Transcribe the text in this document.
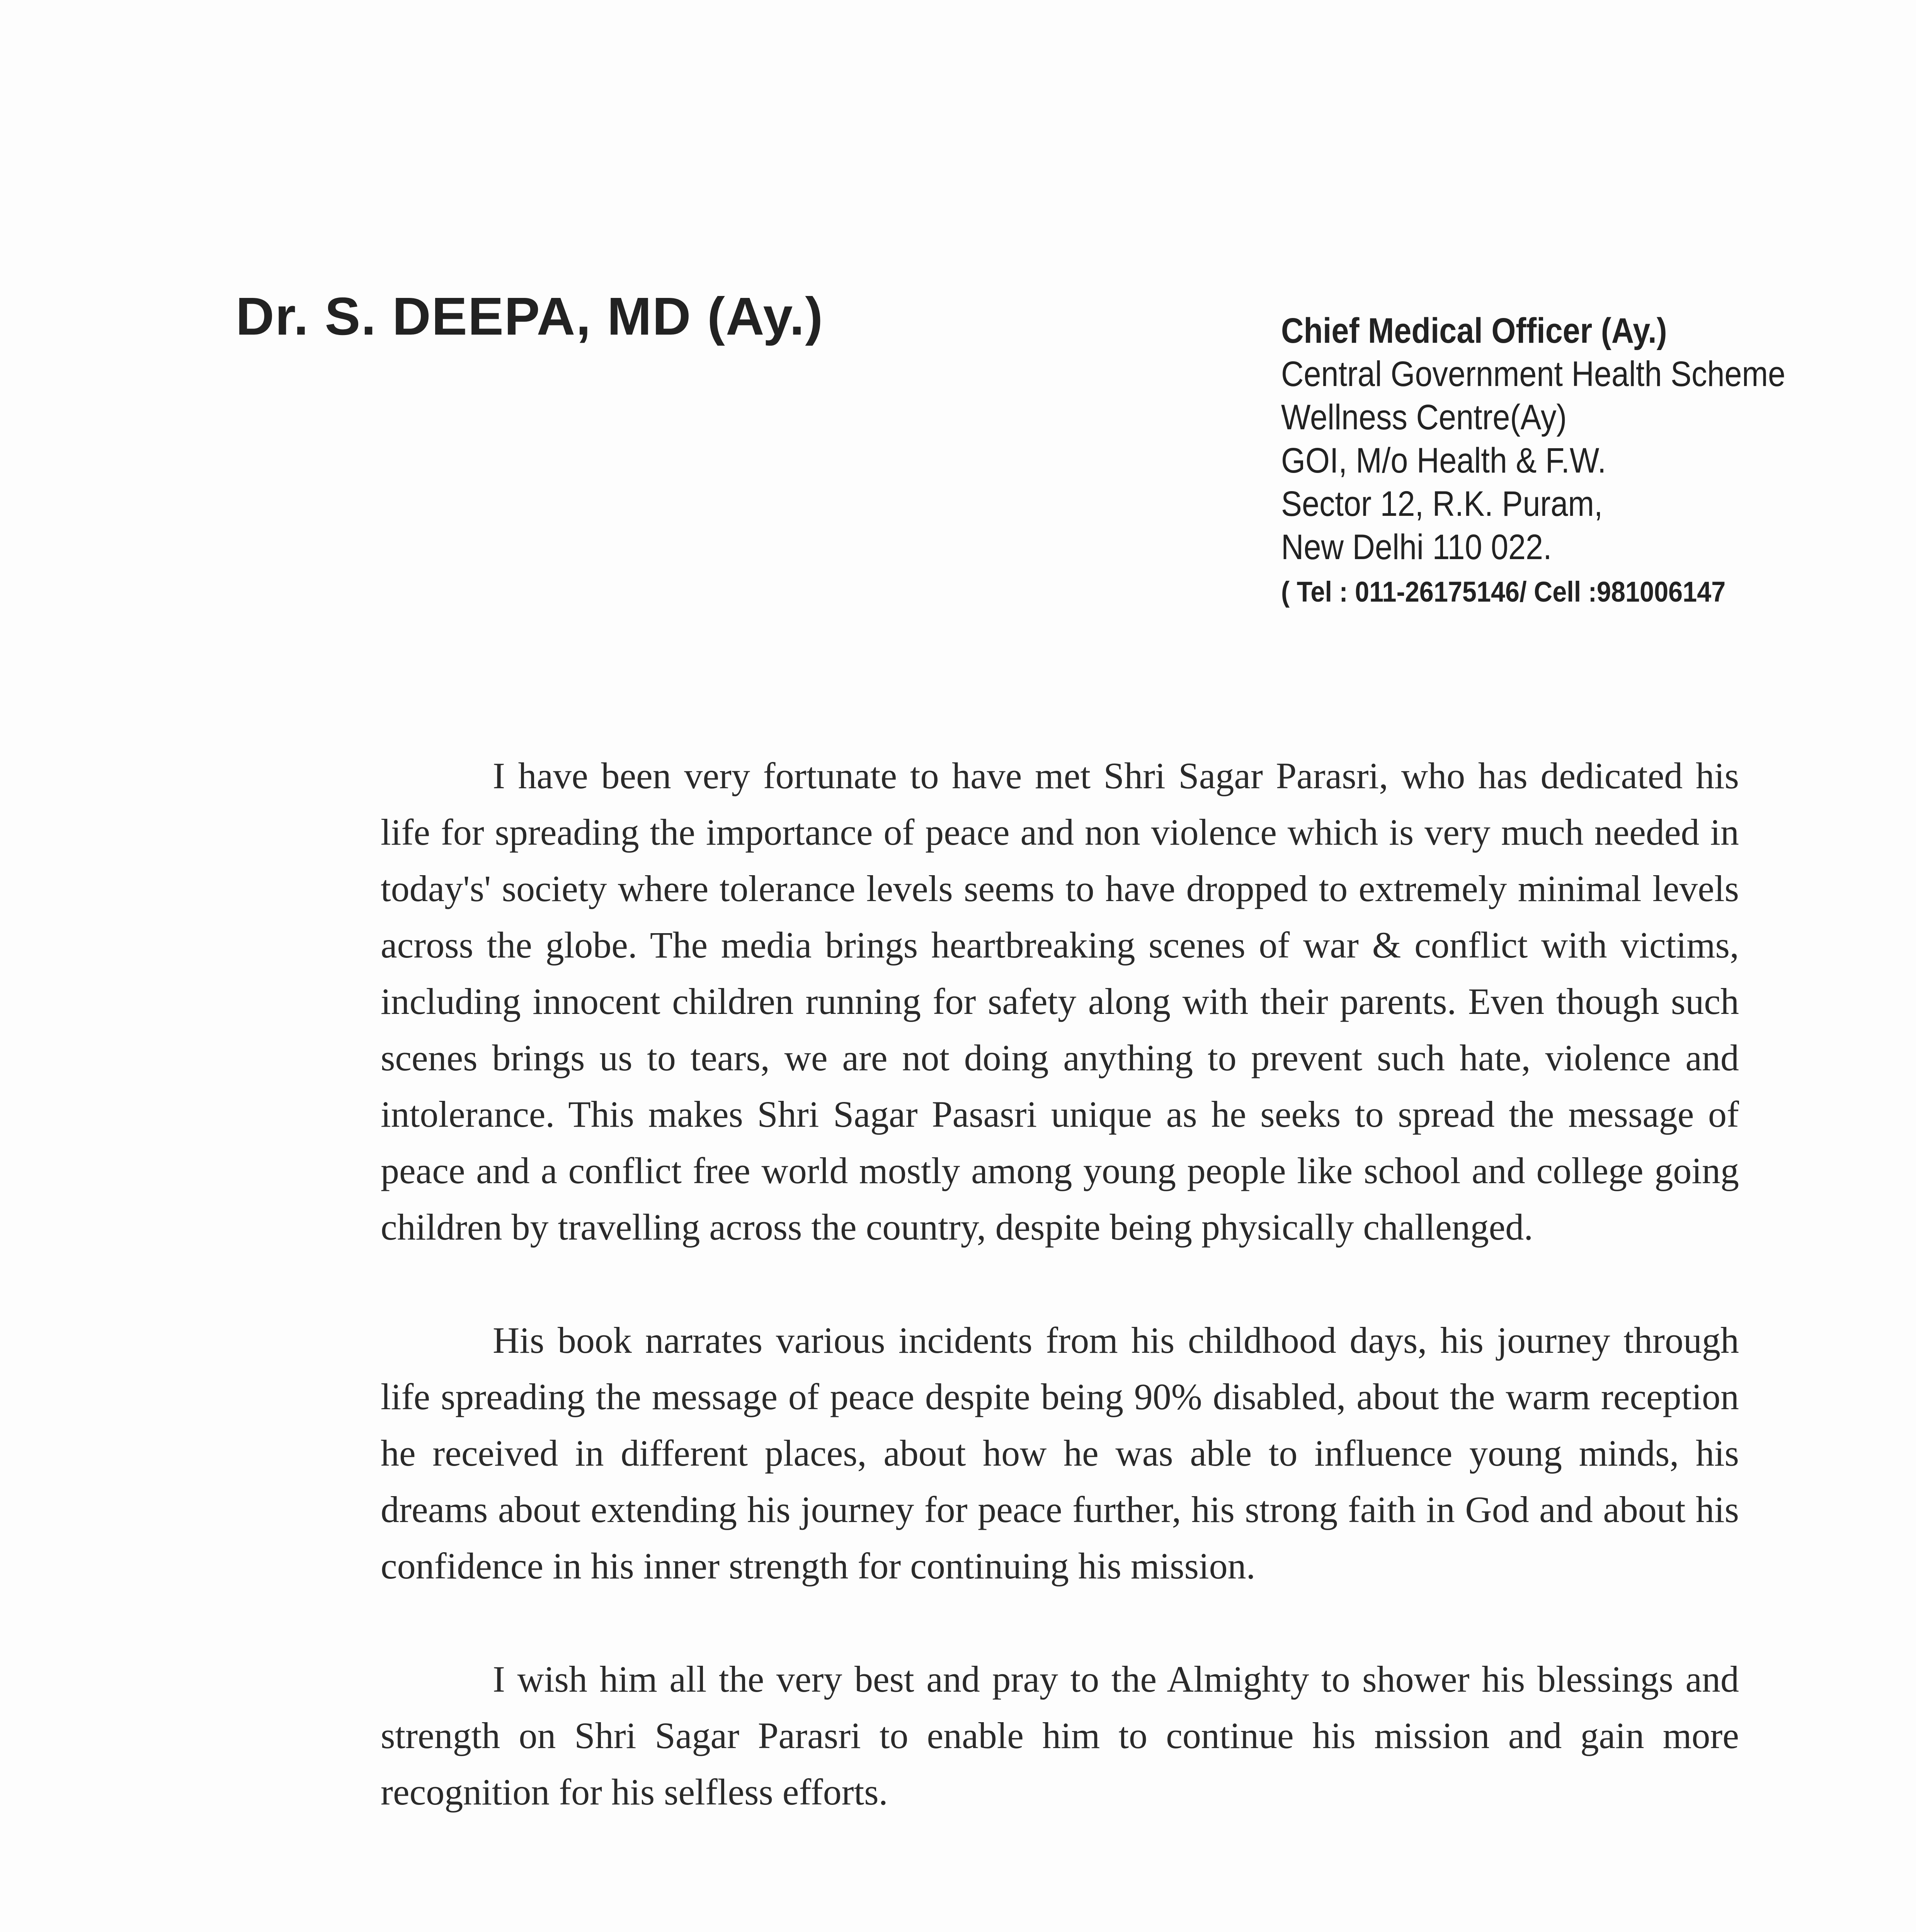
Dr. S. DEEPA, MD (Ay.)	Chief Medical Officer (Ay.)
Central Government Health Scheme
Wellness Centre(Ay)
GOI, M/o Health & F.W.
Sector 12, R.K. Puram,
New Delhi 110 022.
( Tel : 011-26175146/ Cell :981006147

I have been very fortunate to have met Shri Sagar Parasri, who has dedicated his life for spreading the importance of peace and non violence which is very much needed in today's' society where tolerance levels seems to have dropped to extremely minimal levels across the globe. The media brings heartbreaking scenes of war & conflict with victims, including innocent children running for safety along with their parents. Even though such scenes brings us to tears, we are not doing anything to prevent such hate, violence and intolerance. This makes Shri Sagar Pasasri unique as he seeks to spread the message of peace and a conflict free world mostly among young people like school and college going children by travelling across the country, despite being physically challenged.

His book narrates various incidents from his childhood days, his journey through life spreading the message of peace despite being 90% disabled, about the warm reception he received in different places, about how he was able to influence young minds, his dreams about extending his journey for peace further, his strong faith in God and about his confidence in his inner strength for continuing his mission.

I wish him all the very best and pray to the Almighty to shower his blessings and strength on Shri Sagar Parasri to enable him to continue his mission and gain more recognition for his selfless efforts.
